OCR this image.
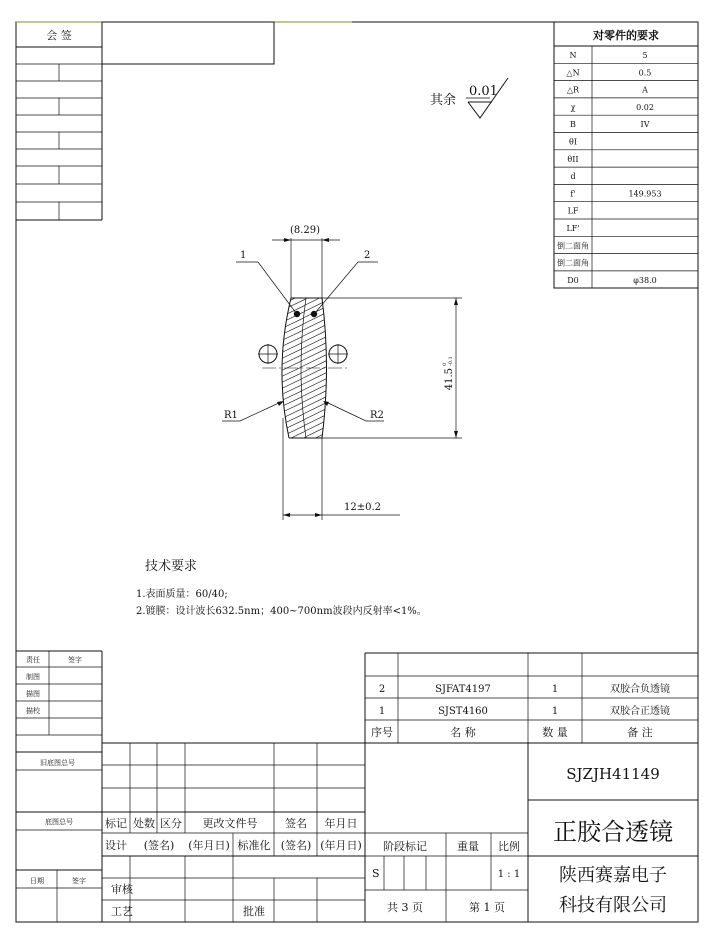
会 签	对零件的要求
N	5
△N	0.5
△R	A
χ	0.02
B	IV
θI
θII
d
f'	149.953
LF
LF'
倒二面角
倒二面角
D0	φ38.0
其余
0.01
(8.29)
1	2
R1	R2
41.5
0 -0.1
12±0.2
技术要求
1.表面质量：60/40;
2.镀膜：设计波长632.5nm；400~700nm波段内反射率<1%。
责任	签字
制图
描图
描校
旧底图总号
底图总号
日期	签字
2	SJFAT4197	1	双胶合负透镜
1	SJST4160	1	双胶合正透镜
序号	名 称	数 量	备 注
标记 处数 区分 更改文件号	签名 年月日
设计 (签名) (年月日) 标准化 (签名) (年月日)
审核
工艺	批准
阶段标记	重量 比例
S	1 : 1
共 3 页	第 1 页
SJZJH41149
正胶合透镜
陕西赛嘉电子
科技有限公司
